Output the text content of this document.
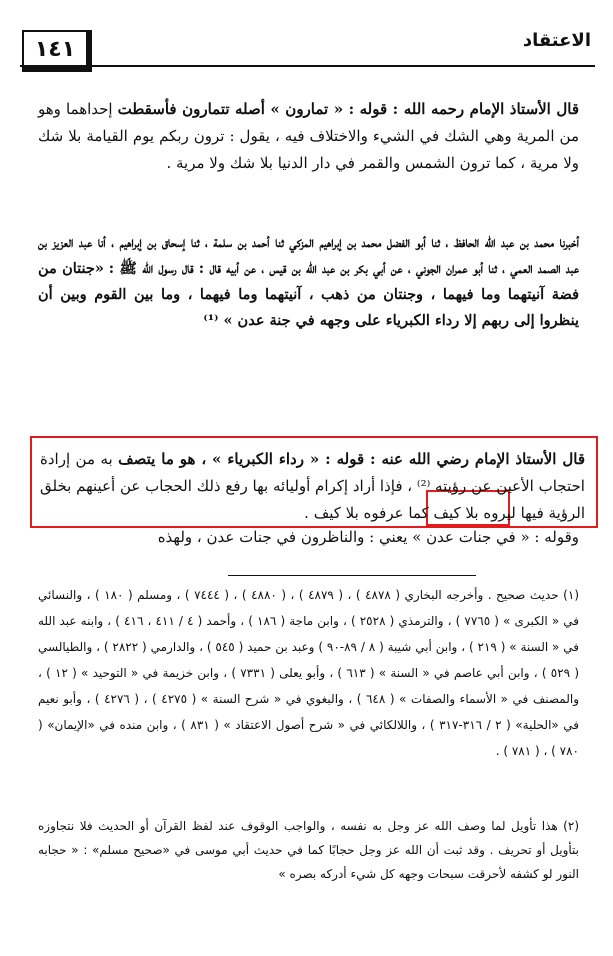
١٤١	الاعتقاد
قال الأستاذ الإمام رحمه الله : قوله : « تمارون » أصله تتمارون فأسقطت إحداهما وهو من المرية وهي الشك في الشيء والاختلاف فيه ، يقول : ترون ربكم يوم القيامة بلا شك ولا مرية ، كما ترون الشمس والقمر في دار الدنيا بلا شك ولا مرية .
أخبرنا محمد بن عبد الله الحافظ ، ثنا أبو الفضل محمد بن إبراهيم المزكي ثنا أحمد بن سلمة ، ثنا إسحاق بن إبراهيم ، أنا عبد العزيز بن عبد الصمد العمي ، ثنا أبو عمران الجوني ، عن أبي بكر بن عبد الله بن قيس ، عن أبيه قال : قال رسول الله ﷺ : «جنتان من فضة آنيتهما وما فيهما ، وجنتان من ذهب ، آنيتهما وما فيهما ، وما بين القوم وبين أن ينظروا إلى ربهم إلا رداء الكبرياء على وجهه في جنة عدن » ⁽¹⁾
قال الأستاذ الإمام رضي الله عنه : قوله : « رداء الكبرياء » ، هو ما يتصف به من إرادة احتجاب الأعين عن رؤيته ⁽²⁾ ، فإذا أراد إكرام أوليائه بها رفع ذلك الحجاب عن أعينهم بخلق الرؤية فيها ليروه بلا كيف كما عرفوه بلا كيف .
وقوله : « في جنات عدن » يعني : والناظرون في جنات عدن ، ولهذه
(١) حديث صحيح . وأخرجه البخاري ( ٤٨٧٨ ) ، ( ٤٨٧٩ ) ، ( ٤٨٨٠ ) ، ( ٧٤٤٤ ) ، ومسلم ( ١٨٠ ) ، والنسائي في « الكبرى » ( ٧٧٦٥ ) ، والترمذي ( ٢٥٢٨ ) ، وابن ماجة ( ١٨٦ ) ، وأحمد ( ٤ / ٤١١ ، ٤١٦ ) ، وابنه عبد الله في « السنة » ( ٢١٩ ) ، وابن أبي شيبة ( ٨ / ٨٩-٩٠ ) وعبد بن حميد ( ٥٤٥ ) ، والدارمي ( ٢٨٢٢ ) ، والطيالسي ( ٥٢٩ ) ، وابن أبي عاصم في « السنة » ( ٦١٣ ) ، وأبو يعلى ( ٧٣٣١ ) ، وابن خزيمة في « التوحيد » ( ١٢ ) ، والمصنف في « الأسماء والصفات » ( ٦٤٨ ) ، والبغوي في « شرح السنة » ( ٤٢٧٥ ) ، ( ٤٢٧٦ ) ، وأبو نعيم في «الحلية» ( ٢ / ٣١٦-٣١٧ ) ، واللالكائي في « شرح أصول الاعتقاد » ( ٨٣١ ) ، وابن منده في «الإيمان» ( ٧٨٠ ) ، ( ٧٨١ ) .
(٢) هذا تأويل لما وصف الله عز وجل به نفسه ، والواجب الوقوف عند لفظ القرآن أو الحديث فلا نتجاوزه بتأويل أو تحريف . وقد ثبت أن الله عز وجل حجابًا كما في حديث أبي موسى في «صحيح مسلم» : « حجابه النور لو كشفه لأحرقت سبحات وجهه كل شيء أدركه بصره »
